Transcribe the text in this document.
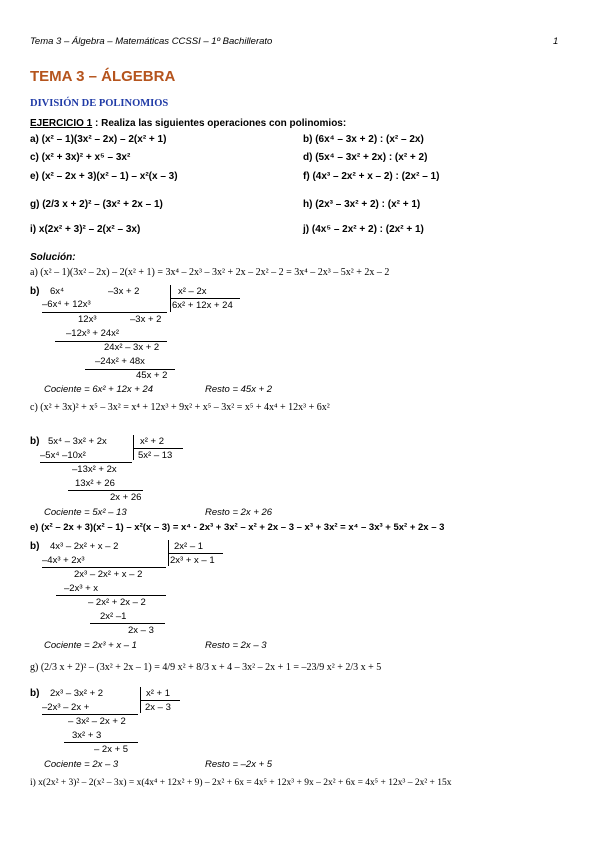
Tema 3 – Álgebra – Matemáticas CCSSI – 1º Bachillerato	1
TEMA 3 – ÁLGEBRA
DIVISIÓN DE POLINOMIOS
EJERCICIO 1 : Realiza las siguientes operaciones con polinomios:
a) (x² – 1)(3x² – 2x) – 2(x² + 1)	b) (6x⁴ – 3x + 2) : (x² – 2x)
c) (x² + 3x)² + x⁵ – 3x²	d) (5x⁴ – 3x² + 2x) : (x² + 2)
e) (x² – 2x + 3)(x² – 1) – x²(x – 3)	f) (4x³ – 2x² + x – 2) : (2x² – 1)
g) (2/3 x + 2)² – (3x² + 2x – 1)	h) (2x³ – 3x² + 2) : (x² + 1)
i) x(2x² + 3)² – 2(x² – 3x)	j) (4x⁵ – 2x² + 2) : (2x² + 1)
Solución:
a) (x² – 1)(3x² – 2x) – 2(x² + 1) = 3x⁴ – 2x³ – 3x² + 2x – 2x² – 2 = 3x⁴ – 2x³ – 5x² + 2x – 2
b) 6x⁴	–3x + 2	x² – 2x
6x² + 12x + 24
–6x⁴ + 12x³
12x³	–3x + 2
–12x³ + 24x²
24x² – 3x + 2
–24x² + 48x
45x + 2
Cociente = 6x² + 12x + 24	Resto = 45x + 2
c) (x² + 3x)² + x⁵ – 3x² = x⁴ + 12x³ + 9x² + x⁵ – 3x² = x⁵ + 4x⁴ + 12x³ + 6x²
b) 5x⁴ – 3x² + 2x	x² + 2
5x² – 13
–5x⁴ –10x²
–13x² + 2x
13x² + 26
2x + 26
Cociente = 5x² – 13	Resto = 2x + 26
e) (x² – 2x + 3)(x² – 1) – x²(x – 3) = x⁴ - 2x³ + 3x² – x² + 2x – 3 – x³ + 3x² = x⁴ – 3x³ + 5x² + 2x – 3
b) 4x³ – 2x² + x – 2	2x² – 1
2x³ + x – 1
–4x³ + 2x³
2x³ – 2x² + x – 2
–2x³ + x
– 2x² + 2x – 2
2x² –1
2x – 3
Cociente = 2x³ + x – 1	Resto = 2x – 3
g) (2/3 x + 2)² – (3x² + 2x – 1) = 4/9 x² + 8/3 x + 4 – 3x² – 2x + 1 = –23/9 x² + 2/3 x + 5
b) 2x³ – 3x² + 2	x² + 1
2x – 3
–2x³ – 2x +
– 3x² – 2x + 2
3x² + 3
– 2x + 5
Cociente = 2x – 3	Resto = –2x + 5
i) x(2x² + 3)² – 2(x² – 3x) = x(4x⁴ + 12x² + 9) – 2x² + 6x = 4x⁵ + 12x³ + 9x – 2x² + 6x = 4x⁵ + 12x³ – 2x² + 15x
